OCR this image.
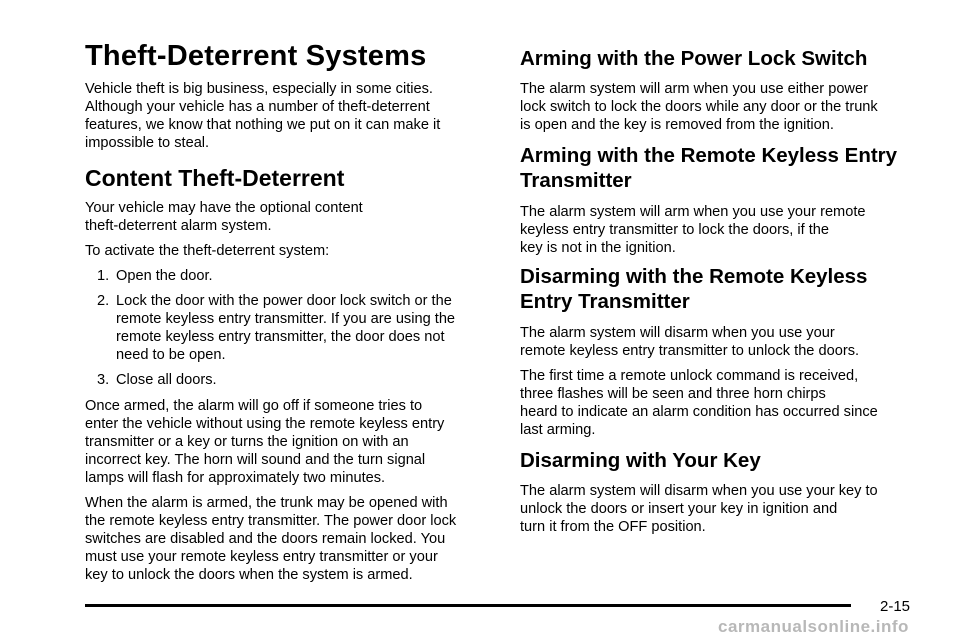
Theft-Deterrent Systems

Vehicle theft is big business, especially in some cities.

Although your vehicle has a number of theft-deterrent

features, we know that nothing we put on it can make it

impossible to steal.

Content Theft-Deterrent

Your vehicle may have the optional content

theft-deterrent alarm system.

To activate the theft-deterrent system:

1. Open the door.

2. Lock the door with the power door lock switch or the

remote keyless entry transmitter. If you are using the

remote keyless entry transmitter, the door does not

need to be open.

3. Close all doors.

Once armed, the alarm will go off if someone tries to

enter the vehicle without using the remote keyless entry

transmitter or a key or turns the ignition on with an

incorrect key. The horn will sound and the turn signal

lamps will flash for approximately two minutes.

When the alarm is armed, the trunk may be opened with

the remote keyless entry transmitter. The power door lock

switches are disabled and the doors remain locked. You

must use your remote keyless entry transmitter or your

key to unlock the doors when the system is armed.

Arming with the Power Lock Switch

The alarm system will arm when you use either power

lock switch to lock the doors while any door or the trunk

is open and the key is removed from the ignition.

Arming with the Remote Keyless Entry
Transmitter

The alarm system will arm when you use your remote

keyless entry transmitter to lock the doors, if the

key is not in the ignition.

Disarming with the Remote Keyless
Entry Transmitter

The alarm system will disarm when you use your

remote keyless entry transmitter to unlock the doors.

The first time a remote unlock command is received,

three flashes will be seen and three horn chirps

heard to indicate an alarm condition has occurred since

last arming.

Disarming with Your Key

The alarm system will disarm when you use your key to

unlock the doors or insert your key in ignition and

turn it from the OFF position.

2-15
carmanualsonline.info
